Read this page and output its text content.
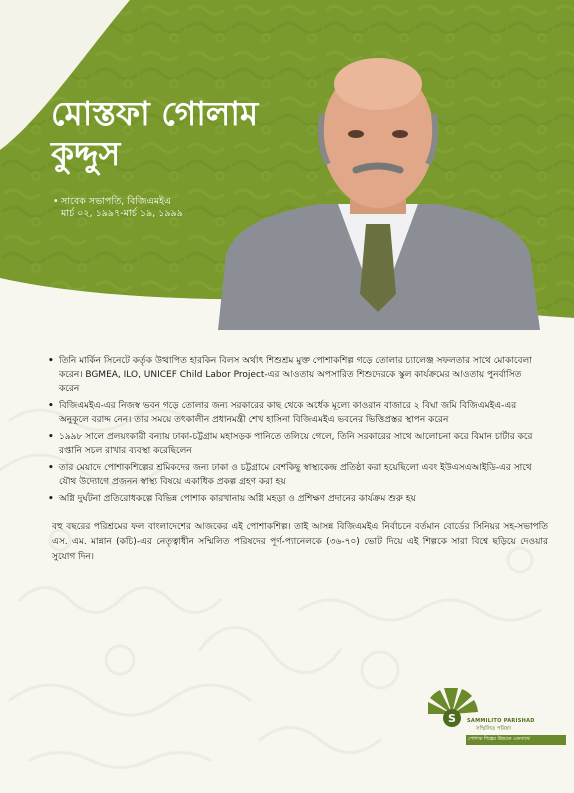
মোস্তফা গোলাম কুদ্দুস
• সাবেক সভাপতি, বিজিএমইএ
মার্চ ০২, ১৯৯৭-মার্চ ১৯, ১৯৯৯
• তিনি মার্কিন সিনেটে কর্তৃক উত্থাপিত হারকিন বিলস অর্থাৎ শিশুশ্রম মুক্ত পোশাকশিল্প গড়ে তোলার চ্যালেঞ্জ সফলতার সাথে মোকাবেলা করেন। BGMEA, ILO, UNICEF Child Labor Project-এর আওতায় অপসারিত শিশুদেরকে স্কুল কার্যক্রমের আওতায় পুনর্বাসিত করেন
• বিজিএমইএ-এর নিজস্ব ভবন গড়ে তোলার জন্য সরকারের কাছ থেকে অর্ধেক মূল্যে কাওরান বাজারে ২ বিঘা জমি বিজিএমইএ-এর অনুকূলে বরাদ্দ নেন। তার সময়ে তৎকালীন প্রধানমন্ত্রী শেখ হাসিনা বিজিএমইএ ভবনের ভিত্তিপ্রস্তর স্থাপন করেন
• ১৯৯৮ সালে প্রলয়ংকারী বন্যায় ঢাকা-চট্টগ্রাম মহাসড়ক পানিতে তলিয়ে গেলে, তিনি সরকারের সাথে আলোচনা করে বিমান চার্টার করে রপ্তানি সচল রাখার ব্যবস্থা করেছিলেন
• তার মেয়াদে পোশাকশিল্পের শ্রমিকদের জন্য ঢাকা ও চট্টগ্রামে বেশকিছু স্বাস্থ্যকেন্দ্র প্রতিষ্ঠা করা হয়েছিলো এবং ইউএসএআইডি-এর সাথে যৌথ উদ্যোগে প্রজনন স্বাস্থ্য বিষয়ে একাধিক প্রকল্প গ্রহণ করা হয়
• অগ্নি দুর্ঘটনা প্রতিরোধকল্পে বিভিন্ন পোশাক কারখানায় অগ্নি মহড়া ও প্রশিক্ষণ প্রদানের কার্যক্রম শুরু হয়

বহু বছরের পরিশ্রমের ফল বাংলাদেশের আজকের এই পোশাকশিল্প। তাই আসন্ন বিজিএমইএ নির্বাচনে বর্তমান বোর্ডের সিনিয়র সহ-সভাপতি এস. এম. মান্নান (কচি)-এর নেতৃত্বাধীন সম্মিলিত পরিষদের পূর্ণ-প্যানেলকে (৩৬-৭০) ভোট দিয়ে এই শিল্পকে সারা বিশ্বে ছড়িয়ে দেওয়ার সুযোগ দিন।

S SAMMILITO PARISHAD
সম্মিলিত পরিষদ
পোশাক শিল্পের উন্নয়নে একসাথে
